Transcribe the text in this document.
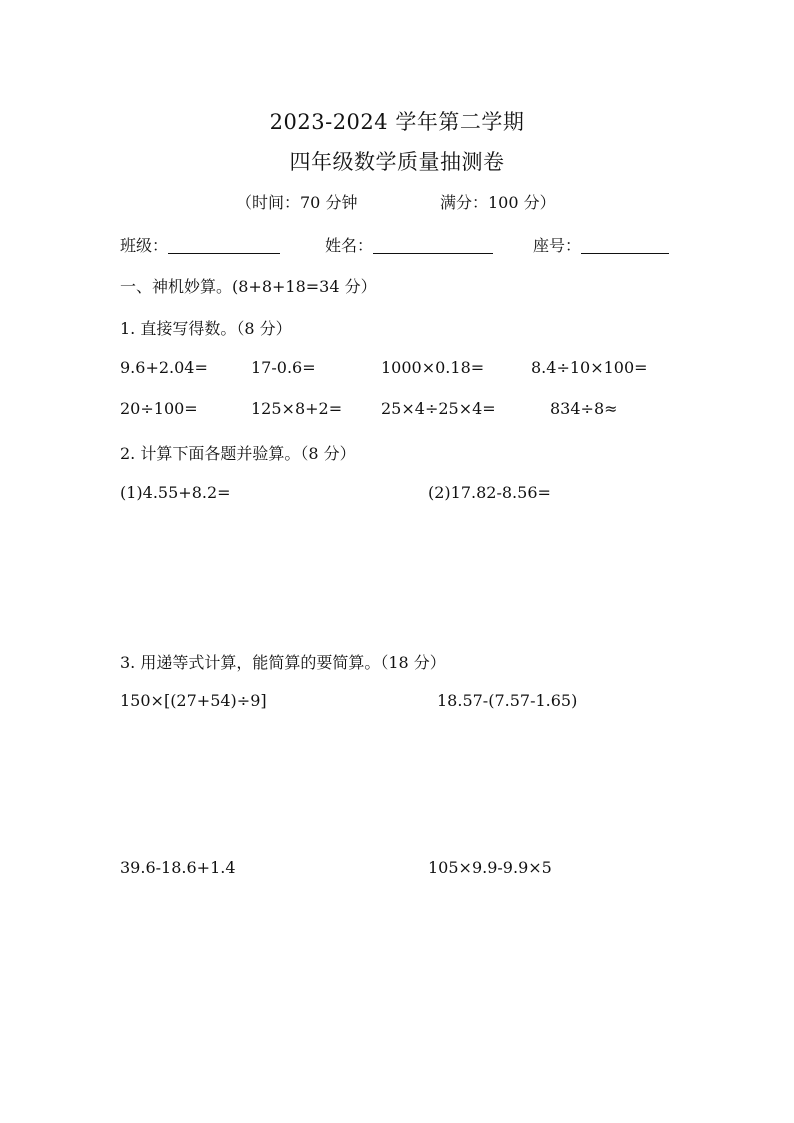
2023-2024 学年第二学期
四年级数学质量抽测卷
（时间：70 分钟	满分：100 分）
班级：	姓名：	座号：
一、神机妙算。(8+8+18=34 分）
1. 直接写得数。（8 分）
9.6+2.04=	17-0.6=	1000×0.18=	8.4÷10×100=
20÷100=	125×8+2= 25×4÷25×4=	834÷8≈
2. 计算下面各题并验算。（8 分）
(1)4.55+8.2=	(2)17.82-8.56=
3. 用递等式计算，能简算的要简算。（18 分）
150×[(27+54)÷9]	18.57-(7.57-1.65)
39.6-18.6+1.4	105×9.9-9.9×5
